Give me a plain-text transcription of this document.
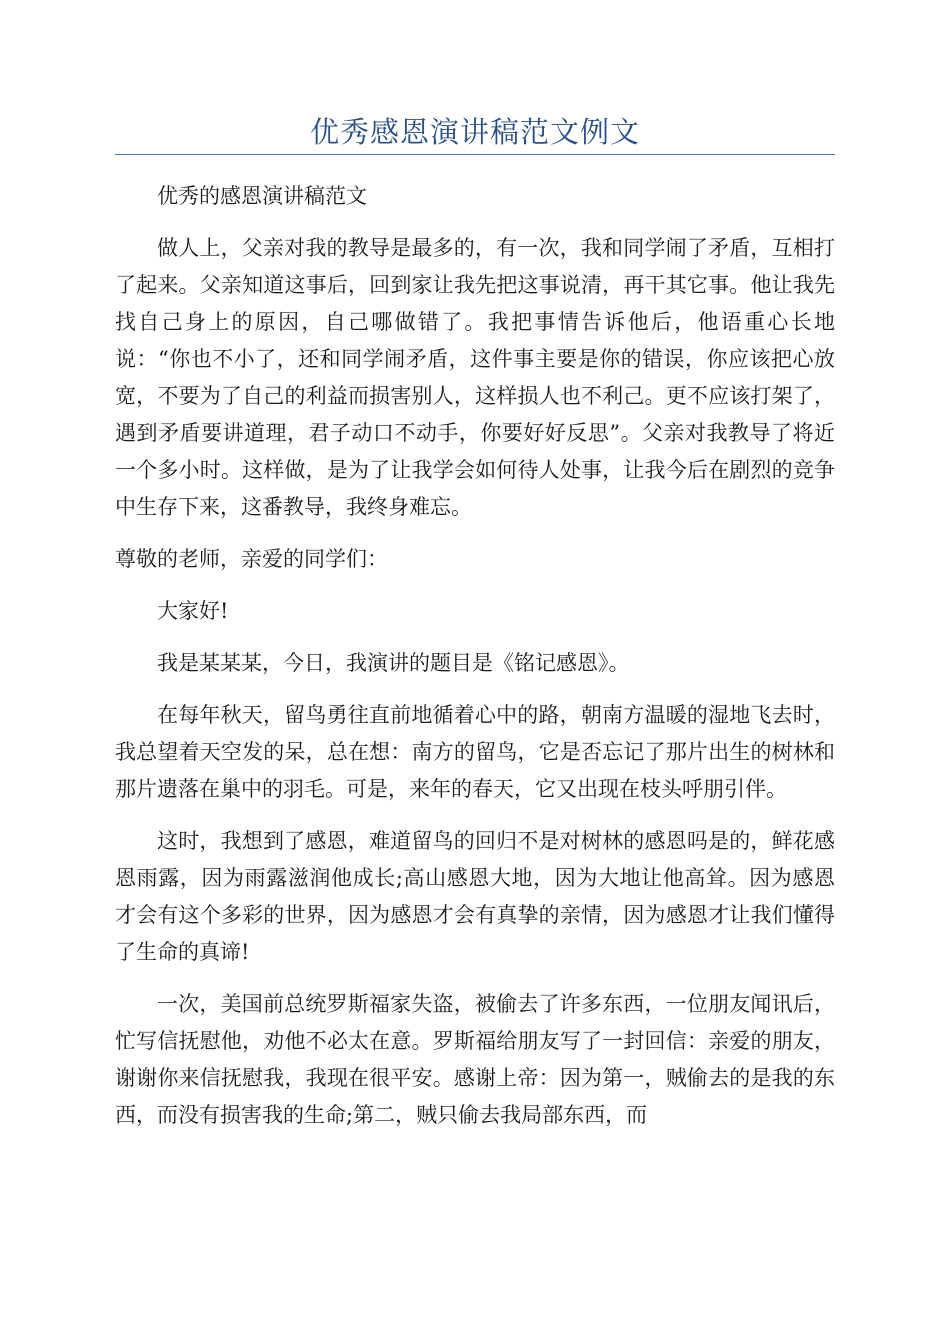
优秀感恩演讲稿范文例文

优秀的感恩演讲稿范文

做人上，父亲对我的教导是最多的，有一次，我和同学闹了矛盾，互相打了起来。父亲知道这事后，回到家让我先把这事说清，再干其它事。他让我先找自己身上的原因，自己哪做错了。我把事情告诉他后，他语重心长地说：“你也不小了，还和同学闹矛盾，这件事主要是你的错误，你应该把心放宽，不要为了自己的利益而损害别人，这样损人也不利己。更不应该打架了，遇到矛盾要讲道理，君子动口不动手，你要好好反思”。父亲对我教导了将近一个多小时。这样做，是为了让我学会如何待人处事，让我今后在剧烈的竞争中生存下来，这番教导，我终身难忘。

尊敬的老师，亲爱的同学们：

大家好!

我是某某某，今日，我演讲的题目是《铭记感恩》。

在每年秋天，留鸟勇往直前地循着心中的路，朝南方温暖的湿地飞去时，我总望着天空发的呆，总在想：南方的留鸟，它是否忘记了那片出生的树林和那片遗落在巢中的羽毛。可是，来年的春天，它又出现在枝头呼朋引伴。

这时，我想到了感恩，难道留鸟的回归不是对树林的感恩吗是的，鲜花感恩雨露，因为雨露滋润他成长;高山感恩大地，因为大地让他高耸。因为感恩才会有这个多彩的世界，因为感恩才会有真挚的亲情，因为感恩才让我们懂得了生命的真谛!

一次，美国前总统罗斯福家失盗，被偷去了许多东西，一位朋友闻讯后，忙写信抚慰他，劝他不必太在意。罗斯福给朋友写了一封回信：亲爱的朋友，谢谢你来信抚慰我，我现在很平安。感谢上帝：因为第一，贼偷去的是我的东西，而没有损害我的生命;第二，贼只偷去我局部东西，而
